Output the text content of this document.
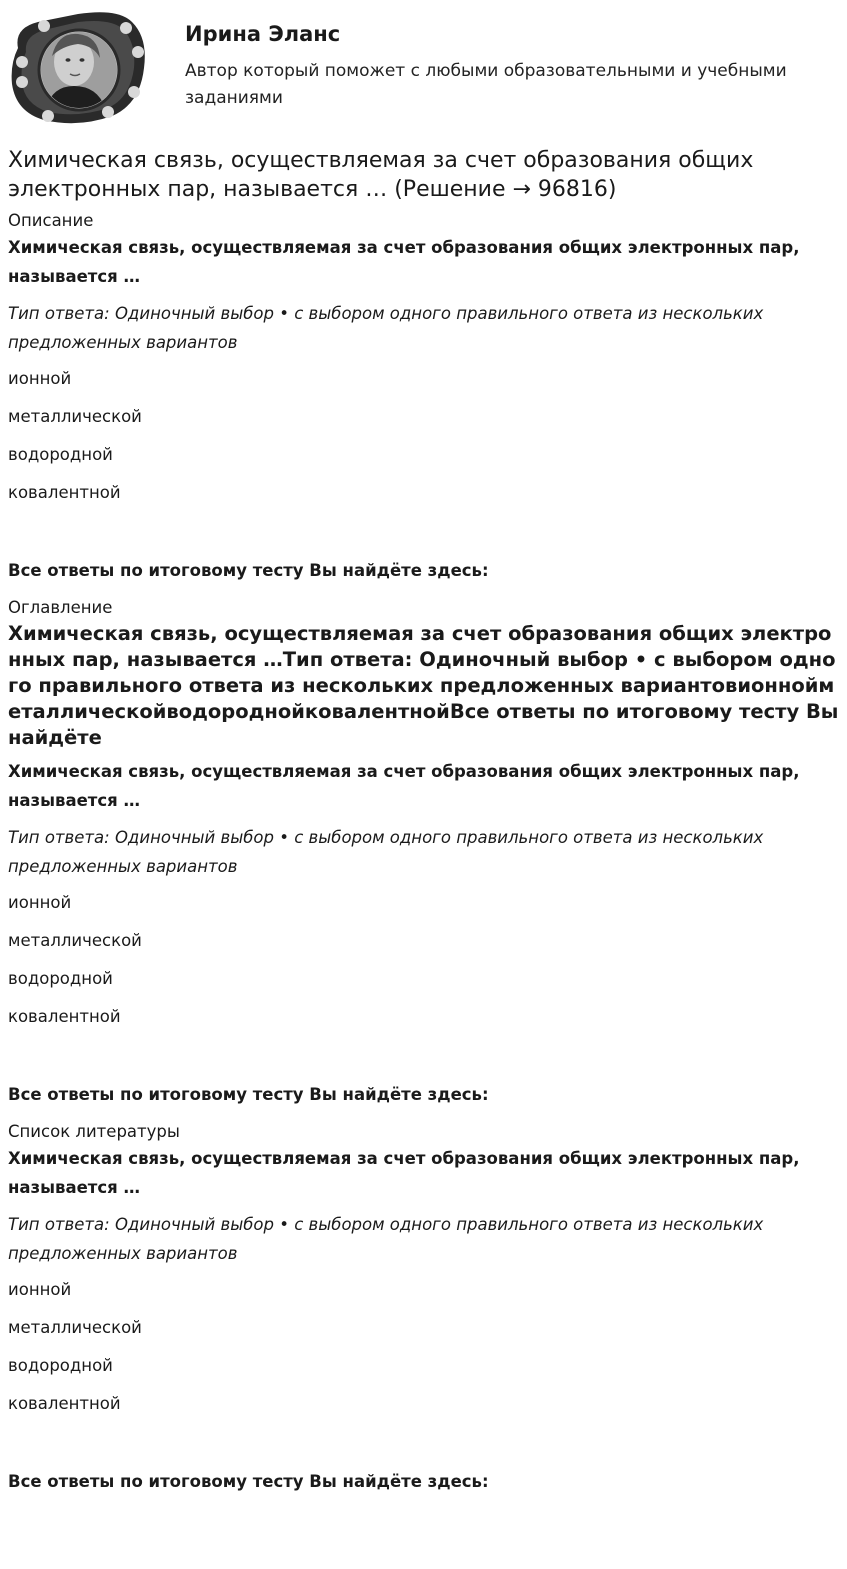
Ирина Эланс
Автор который поможет с любыми образовательными и учебными заданиями
Химическая связь, осуществляемая за счет образования общих электронных пар, называется … (Решение → 96816)

Описание

Химическая связь, осуществляемая за счет образования общих электронных пар, называется …

Тип ответа: Одиночный выбор • с выбором одного правильного ответа из нескольких предложенных вариантов

ионной
металлической
водородной
ковалентной

Все ответы по итоговому тесту Вы найдёте здесь:

Оглавление

Химическая связь, осуществляемая за счет образования общих электронных пар, называется …Тип ответа: Одиночный выбор • с выбором одного правильного ответа из нескольких предложенных вариантовионнойметаллическойводороднойковалентнойВсе ответы по итоговому тесту Вы найдёте

Химическая связь, осуществляемая за счет образования общих электронных пар, называется …

Тип ответа: Одиночный выбор • с выбором одного правильного ответа из нескольких предложенных вариантов

ионной
металлической
водородной
ковалентной

Все ответы по итоговому тесту Вы найдёте здесь:

Список литературы

Химическая связь, осуществляемая за счет образования общих электронных пар, называется …

Тип ответа: Одиночный выбор • с выбором одного правильного ответа из нескольких предложенных вариантов

ионной
металлической
водородной
ковалентной

Все ответы по итоговому тесту Вы найдёте здесь:
